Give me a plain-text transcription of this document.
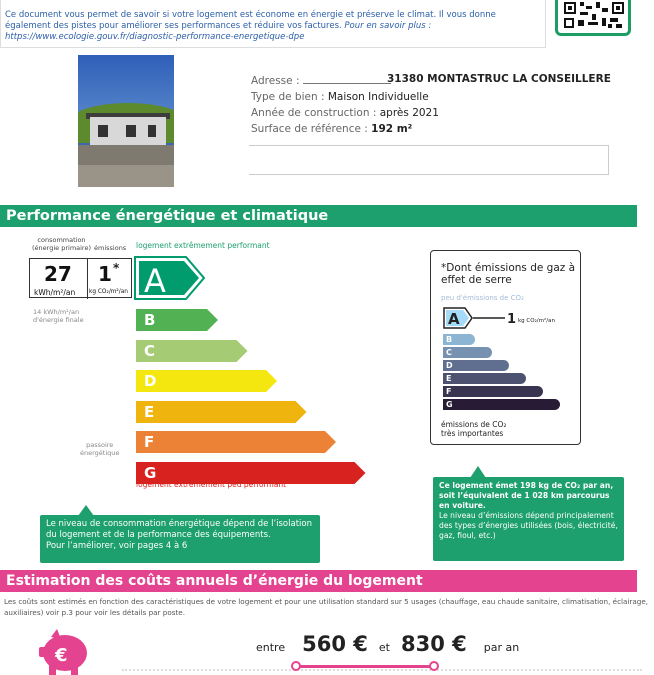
Ce document vous permet de savoir si votre logement est économe en énergie et préserve le climat. Il vous donne également des pistes pour améliorer ses performances et réduire vos factures. Pour en savoir plus : https://www.ecologie.gouv.fr/diagnostic-performance-energetique-dpe
Adresse :
Type de bien : Maison Individuelle
Année de construction : après 2021
Surface de référence : 192 m²
31380 MONTASTRUC LA CONSEILLERE
Performance énergétique et climatique
consommation
(énergie primaire) émissions logement extrêmement performant
27
kWh/m²/an
1 *
kg CO₂/m²/an
14 kWh/m²/an
d'énergie finale
A
B
C
D
E
F
G
passoire
énergétique
logement extrêmement peu performant
*Dont émissions de gaz à effet de serre
peu d'émissions de CO₂
A	1 kg CO₂/m²/an
B
C
D
E
F
G
émissions de CO₂
très importantes
Le niveau de consommation énergétique dépend de l’isolation du logement et de la performance des équipements.
Pour l’améliorer, voir pages 4 à 6
Ce logement émet 198 kg de CO₂ par an, soit l’équivalent de 1 028 km parcourus en voiture.
Le niveau d’émissions dépend principalement des types d’énergies utilisées (bois, électricité, gaz, fioul, etc.)
Estimation des coûts annuels d’énergie du logement
Les coûts sont estimés en fonction des caractéristiques de votre logement et pour une utilisation standard sur 5 usages (chauffage, eau chaude sanitaire, climatisation, éclairage, auxiliaires) voir p.3 pour voir les détails par poste.
€	entre 560 € et 830 € par an
